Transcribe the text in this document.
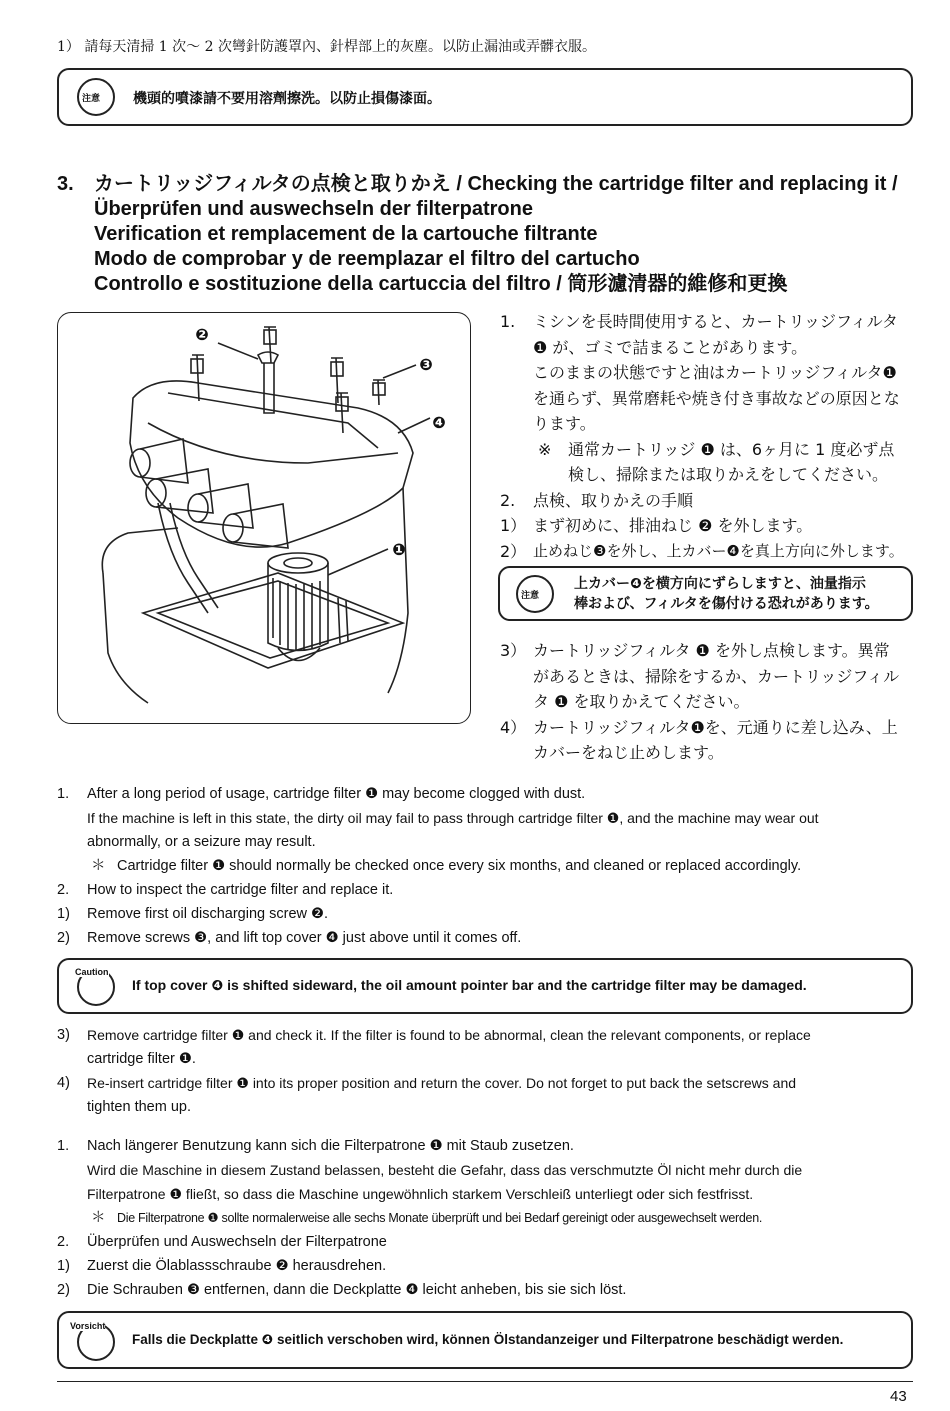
1） 請每天清掃 1 次～ 2 次彎針防護罩內、針桿部上的灰塵。以防止漏油或弄髒衣服。
注意 機頭的噴漆請不要用溶劑擦洗。以防止損傷漆面。
3. カートリッジフィルタの点検と取りかえ / Checking the cartridge filter and replacing it /
Überprüfen und auswechseln der filterpatrone
Verification et remplacement de la cartouche filtrante
Modo de comprobar y de reemplazar el filtro del cartucho
Controllo e sostituzione della cartuccia del filtro / 筒形濾清器的維修和更換
❷
❸
❹
❶
1. ミシンを長時間使用すると、カートリッジフィルタ
❶ が、ゴミで詰まることがあります。
このままの状態ですと油はカートリッジフィルタ❶
を通らず、異常磨耗や焼き付き事故などの原因とな
ります。
※ 通常カートリッジ ❶ は、6ヶ月に 1 度必ず点
検し、掃除または取りかえをしてください。
2. 点検、取りかえの手順
1） まず初めに、排油ねじ ❷ を外します。
2） 止めねじ❸を外し、上カバー❹を真上方向に外します。
注意
上カバー❹を横方向にずらしますと、油量指示
棒および、フィルタを傷付ける恐れがあります。
3） カートリッジフィルタ ❶ を外し点検します。異常
があるときは、掃除をするか、カートリッジフィル
タ ❶ を取りかえてください。
4） カートリッジフィルタ❶を、元通りに差し込み、上
カバーをねじ止めします。
1. After a long period of usage, cartridge filter ❶ may become clogged with dust.
If the machine is left in this state, the dirty oil may fail to pass through cartridge filter ❶, and the machine may wear out
abnormally, or a seizure may result.
＊ Cartridge filter ❶ should normally be checked once every six months, and cleaned or replaced accordingly.
2. How to inspect the cartridge filter and replace it.
1) Remove first oil discharging screw ❷.
2) Remove screws ❸, and lift top cover ❹ just above until it comes off.
Caution
If top cover ❹ is shifted sideward, the oil amount pointer bar and the cartridge filter may be damaged.
3) Remove cartridge filter ❶ and check it. If the filter is found to be abnormal, clean the relevant components, or replace
cartridge filter ❶.
4) Re-insert cartridge filter ❶ into its proper position and return the cover. Do not forget to put back the setscrews and
tighten them up.
1. Nach längerer Benutzung kann sich die Filterpatrone ❶ mit Staub zusetzen.
Wird die Maschine in diesem Zustand belassen, besteht die Gefahr, dass das verschmutzte Öl nicht mehr durch die
Filterpatrone ❶ fließt, so dass die Maschine ungewöhnlich starkem Verschleiß unterliegt oder sich festfrisst.
＊ Die Filterpatrone ❶ sollte normalerweise alle sechs Monate überprüft und bei Bedarf gereinigt oder ausgewechselt werden.
2. Überprüfen und Auswechseln der Filterpatrone
1) Zuerst die Ölablassschraube ❷ herausdrehen.
2) Die Schrauben ❸ entfernen, dann die Deckplatte ❹ leicht anheben, bis sie sich löst.
Vorsicht
Falls die Deckplatte ❹ seitlich verschoben wird, können Ölstandanzeiger und Filterpatrone beschädigt werden.
43
